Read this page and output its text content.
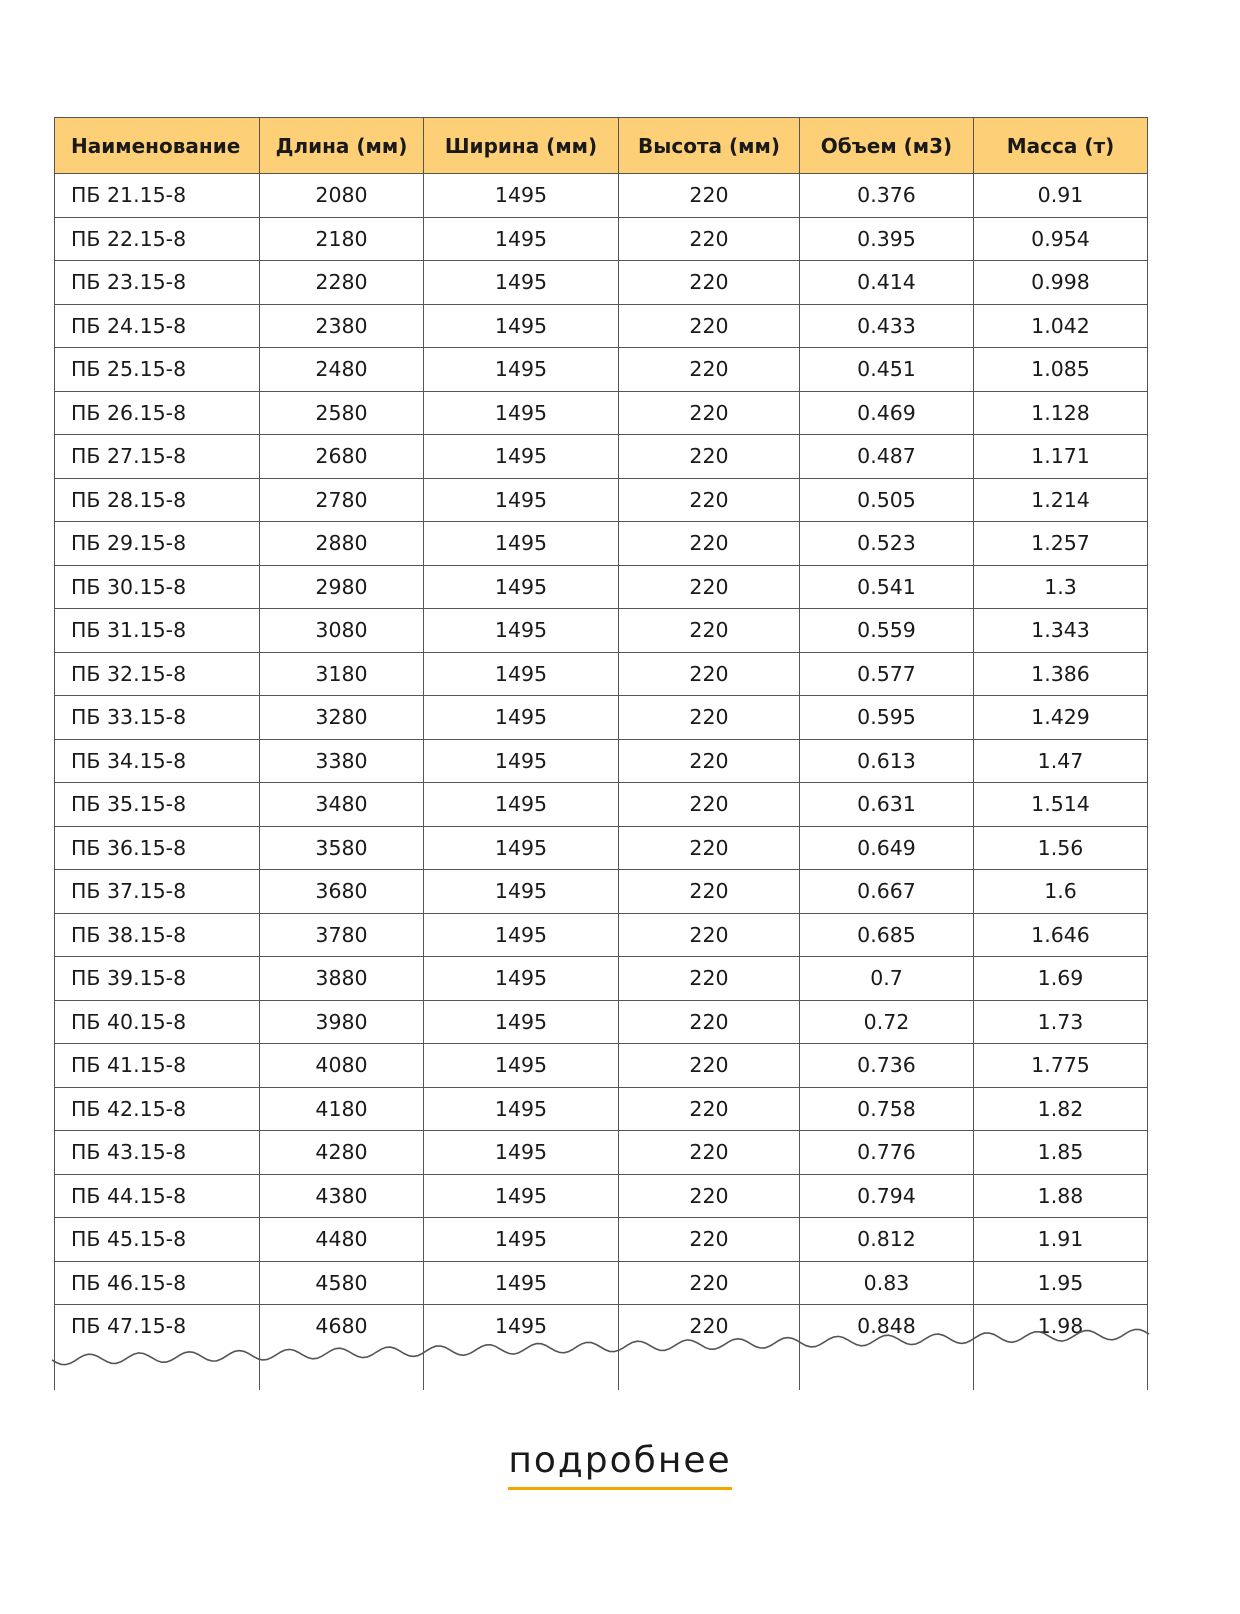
Наименование	Длина (мм)	Ширина (мм)	Высота (мм)	Объем (м3)	Масса (т)
ПБ 21.15-8	2080	1495	220	0.376	0.91
ПБ 22.15-8	2180	1495	220	0.395	0.954
ПБ 23.15-8	2280	1495	220	0.414	0.998
ПБ 24.15-8	2380	1495	220	0.433	1.042
ПБ 25.15-8	2480	1495	220	0.451	1.085
ПБ 26.15-8	2580	1495	220	0.469	1.128
ПБ 27.15-8	2680	1495	220	0.487	1.171
ПБ 28.15-8	2780	1495	220	0.505	1.214
ПБ 29.15-8	2880	1495	220	0.523	1.257
ПБ 30.15-8	2980	1495	220	0.541	1.3
ПБ 31.15-8	3080	1495	220	0.559	1.343
ПБ 32.15-8	3180	1495	220	0.577	1.386
ПБ 33.15-8	3280	1495	220	0.595	1.429
ПБ 34.15-8	3380	1495	220	0.613	1.47
ПБ 35.15-8	3480	1495	220	0.631	1.514
ПБ 36.15-8	3580	1495	220	0.649	1.56
ПБ 37.15-8	3680	1495	220	0.667	1.6
ПБ 38.15-8	3780	1495	220	0.685	1.646
ПБ 39.15-8	3880	1495	220	0.7	1.69
ПБ 40.15-8	3980	1495	220	0.72	1.73
ПБ 41.15-8	4080	1495	220	0.736	1.775
ПБ 42.15-8	4180	1495	220	0.758	1.82
ПБ 43.15-8	4280	1495	220	0.776	1.85
ПБ 44.15-8	4380	1495	220	0.794	1.88
ПБ 45.15-8	4480	1495	220	0.812	1.91
ПБ 46.15-8	4580	1495	220	0.83	1.95
ПБ 47.15-8	4680	1495	220	0.848	1.98
подробнее
